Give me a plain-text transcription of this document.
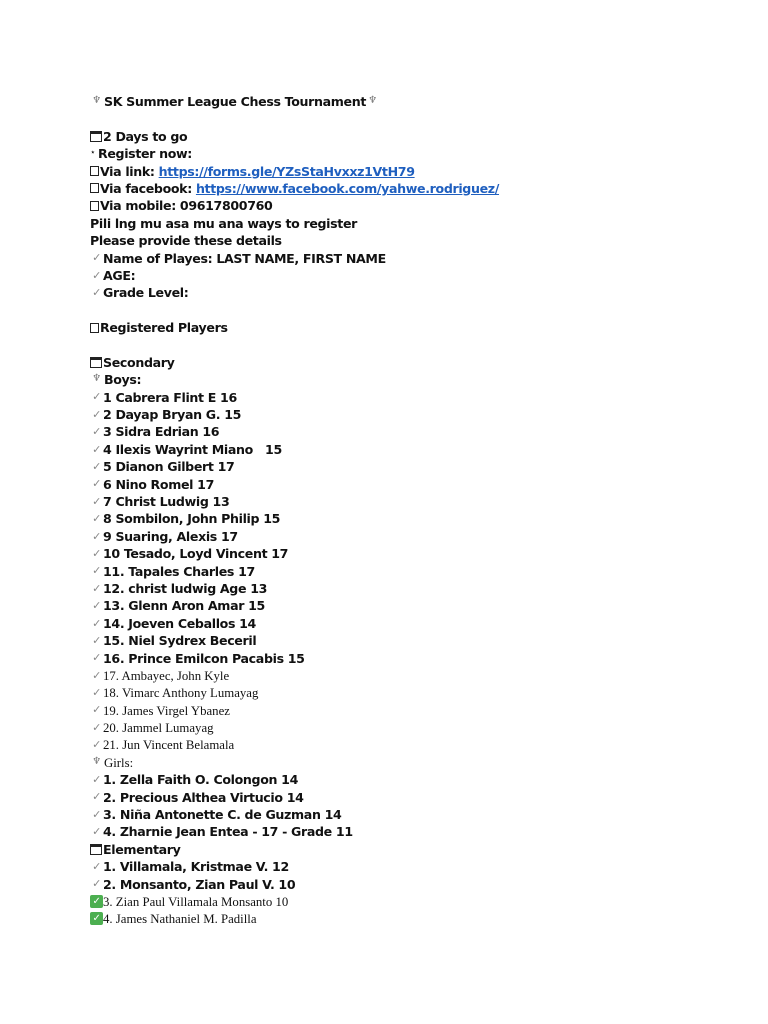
♆ SK Summer League Chess Tournament ♆
2 Days to go
⋆ Register now:
Via link: https://forms.gle/YZsStaHvxxz1VtH79
Via facebook: https://www.facebook.com/yahwe.rodriguez/
Via mobile: 09617800760
Pili lng mu asa mu ana ways to register
Please provide these details
✓ Name of Playes: LAST NAME, FIRST NAME
✓ AGE:
✓ Grade Level:
Registered Players
Secondary
♆ Boys:
✓ 1 Cabrera Flint E 16
✓ 2 Dayap Bryan G. 15
✓ 3 Sidra Edrian 16
✓ 4 Ilexis Wayrint Miano   15
✓ 5 Dianon Gilbert 17
✓ 6 Nino Romel 17
✓ 7 Christ Ludwig 13
✓ 8 Sombilon, John Philip 15
✓ 9 Suaring, Alexis 17
✓ 10 Tesado, Loyd Vincent 17
✓ 11. Tapales Charles 17
✓ 12. christ ludwig Age 13
✓ 13. Glenn Aron Amar 15
✓ 14. Joeven Ceballos 14
✓ 15. Niel Sydrex Beceril
✓ 16. Prince Emilcon Pacabis 15
✓ 17. Ambayec, John Kyle
✓ 18. Vimarc Anthony Lumayag
✓ 19. James Virgel Ybanez
✓ 20. Jammel Lumayag
✓ 21. Jun Vincent Belamala
♆ Girls:
✓ 1. Zella Faith O. Colongon 14
✓ 2. Precious Althea Virtucio 14
✓ 3. Niña Antonette C. de Guzman 14
✓ 4. Zharnie Jean Entea - 17 - Grade 11
Elementary
✓ 1. Villamala, Kristmae V. 12
✓ 2. Monsanto, Zian Paul V. 10
✓ 3. Zian Paul Villamala Monsanto 10
✓ 4. James Nathaniel M. Padilla
